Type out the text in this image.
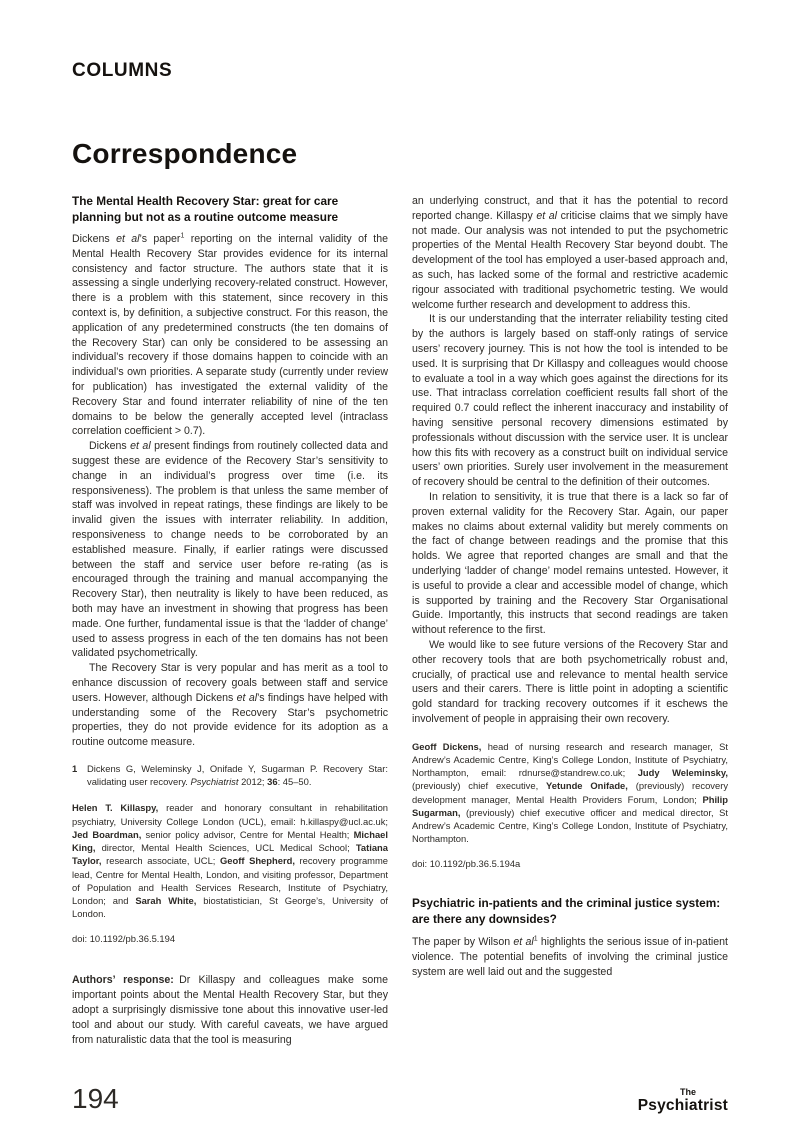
COLUMNS
Correspondence
The Mental Health Recovery Star: great for care planning but not as a routine outcome measure

Dickens et al’s paper$^1$ reporting on the internal validity of the Mental Health Recovery Star provides evidence for its internal consistency and factor structure. The authors state that it is assessing a single underlying recovery-related construct. However, there is a problem with this statement, since recovery in this context is, by definition, a subjective construct. For this reason, the application of any predetermined constructs (the ten domains of the Recovery Star) can only be considered to be assessing an individual’s recovery if those domains happen to coincide with an individual’s own priorities. A separate study (currently under review for publication) has investigated the external validity of the Recovery Star and found interrater reliability of nine of the ten domains to be below the generally accepted level (intraclass correlation coefficient > 0.7).

Dickens et al present findings from routinely collected data and suggest these are evidence of the Recovery Star’s sensitivity to change in an individual’s progress over time (i.e. its responsiveness). The problem is that unless the same member of staff was involved in repeat ratings, these findings are likely to be invalid given the issues with interrater reliability. In addition, responsiveness to change needs to be corroborated by an established measure. Finally, if earlier ratings were discussed between the staff and service user before re-rating (as is encouraged through the training and manual accompanying the Recovery Star), then neutrality is likely to have been reduced, as both may have an investment in showing that progress has been made. One further, fundamental issue is that the ‘ladder of change’ used to assess progress in each of the ten domains has not been validated psychometrically.

The Recovery Star is very popular and has merit as a tool to enhance discussion of recovery goals between staff and service users. However, although Dickens et al’s findings have helped with understanding some of the Recovery Star’s psychometric properties, they do not provide evidence for its adoption as a routine outcome measure.

1 Dickens G, Weleminsky J, Onifade Y, Sugarman P. Recovery Star: validating user recovery. Psychiatrist 2012; 36: 45–50.

Helen T. Killaspy, reader and honorary consultant in rehabilitation psychiatry, University College London (UCL), email: h.killaspy@ucl.ac.uk; Jed Boardman, senior policy advisor, Centre for Mental Health; Michael King, director, Mental Health Sciences, UCL Medical School; Tatiana Taylor, research associate, UCL; Geoff Shepherd, recovery programme lead, Centre for Mental Health, London, and visiting professor, Department of Population and Health Services Research, Institute of Psychiatry, London; and Sarah White, biostatistician, St George’s, University of London.

doi: 10.1192/pb.36.5.194

Authors’ response: Dr Killaspy and colleagues make some important points about the Mental Health Recovery Star, but they adopt a surprisingly dismissive tone about this innovative user-led tool and about our study. With careful caveats, we have argued from naturalistic data that the tool is measuring

an underlying construct, and that it has the potential to record reported change. Killaspy et al criticise claims that we simply have not made. Our analysis was not intended to put the psychometric properties of the Mental Health Recovery Star beyond doubt. The development of the tool has employed a user-based approach and, as such, has lacked some of the formal and restrictive academic rigour associated with traditional psychometric testing. We would welcome further research and development to address this.

It is our understanding that the interrater reliability testing cited by the authors is largely based on staff-only ratings of service users’ recovery journey. This is not how the tool is intended to be used. It is surprising that Dr Killaspy and colleagues would choose to evaluate a tool in a way which goes against the directions for its use. That intraclass correlation coefficient results fall short of the required 0.7 could reflect the inherent inaccuracy and instability of having sensitive personal recovery dimensions estimated by professionals without discussion with the service user. It is unclear how this fits with recovery as a construct built on individual service users’ own priorities. Surely user involvement in the measurement of recovery should be central to the definition of their outcomes.

In relation to sensitivity, it is true that there is a lack so far of proven external validity for the Recovery Star. Again, our paper makes no claims about external validity but merely comments on the fact of change between readings and the promise that this holds. We agree that reported changes are small and that the underlying ‘ladder of change’ model remains untested. However, it is useful to provide a clear and accessible model of change, which is supported by training and the Recovery Star Organisational Guide. Importantly, this instructs that second readings are taken without reference to the first.

We would like to see future versions of the Recovery Star and other recovery tools that are both psychometrically robust and, crucially, of practical use and relevance to mental health service users and their carers. There is little point in adopting a scientific gold standard for tracking recovery outcomes if it eschews the involvement of people in appraising their own recovery.

Geoff Dickens, head of nursing research and research manager, St Andrew’s Academic Centre, King’s College London, Institute of Psychiatry, Northampton, email: rdnurse@standrew.co.uk; Judy Weleminsky, (previously) chief executive, Yetunde Onifade, (previously) recovery development manager, Mental Health Providers Forum, London; Philip Sugarman, (previously) chief executive officer and medical director, St Andrew’s Academic Centre, King’s College London, Institute of Psychiatry, Northampton.

doi: 10.1192/pb.36.5.194a

Psychiatric in-patients and the criminal justice system: are there any downsides?

The paper by Wilson et $al^1$ highlights the serious issue of in-patient violence. The potential benefits of involving the criminal justice system are well laid out and the suggested

194	The
Psychiatrist
